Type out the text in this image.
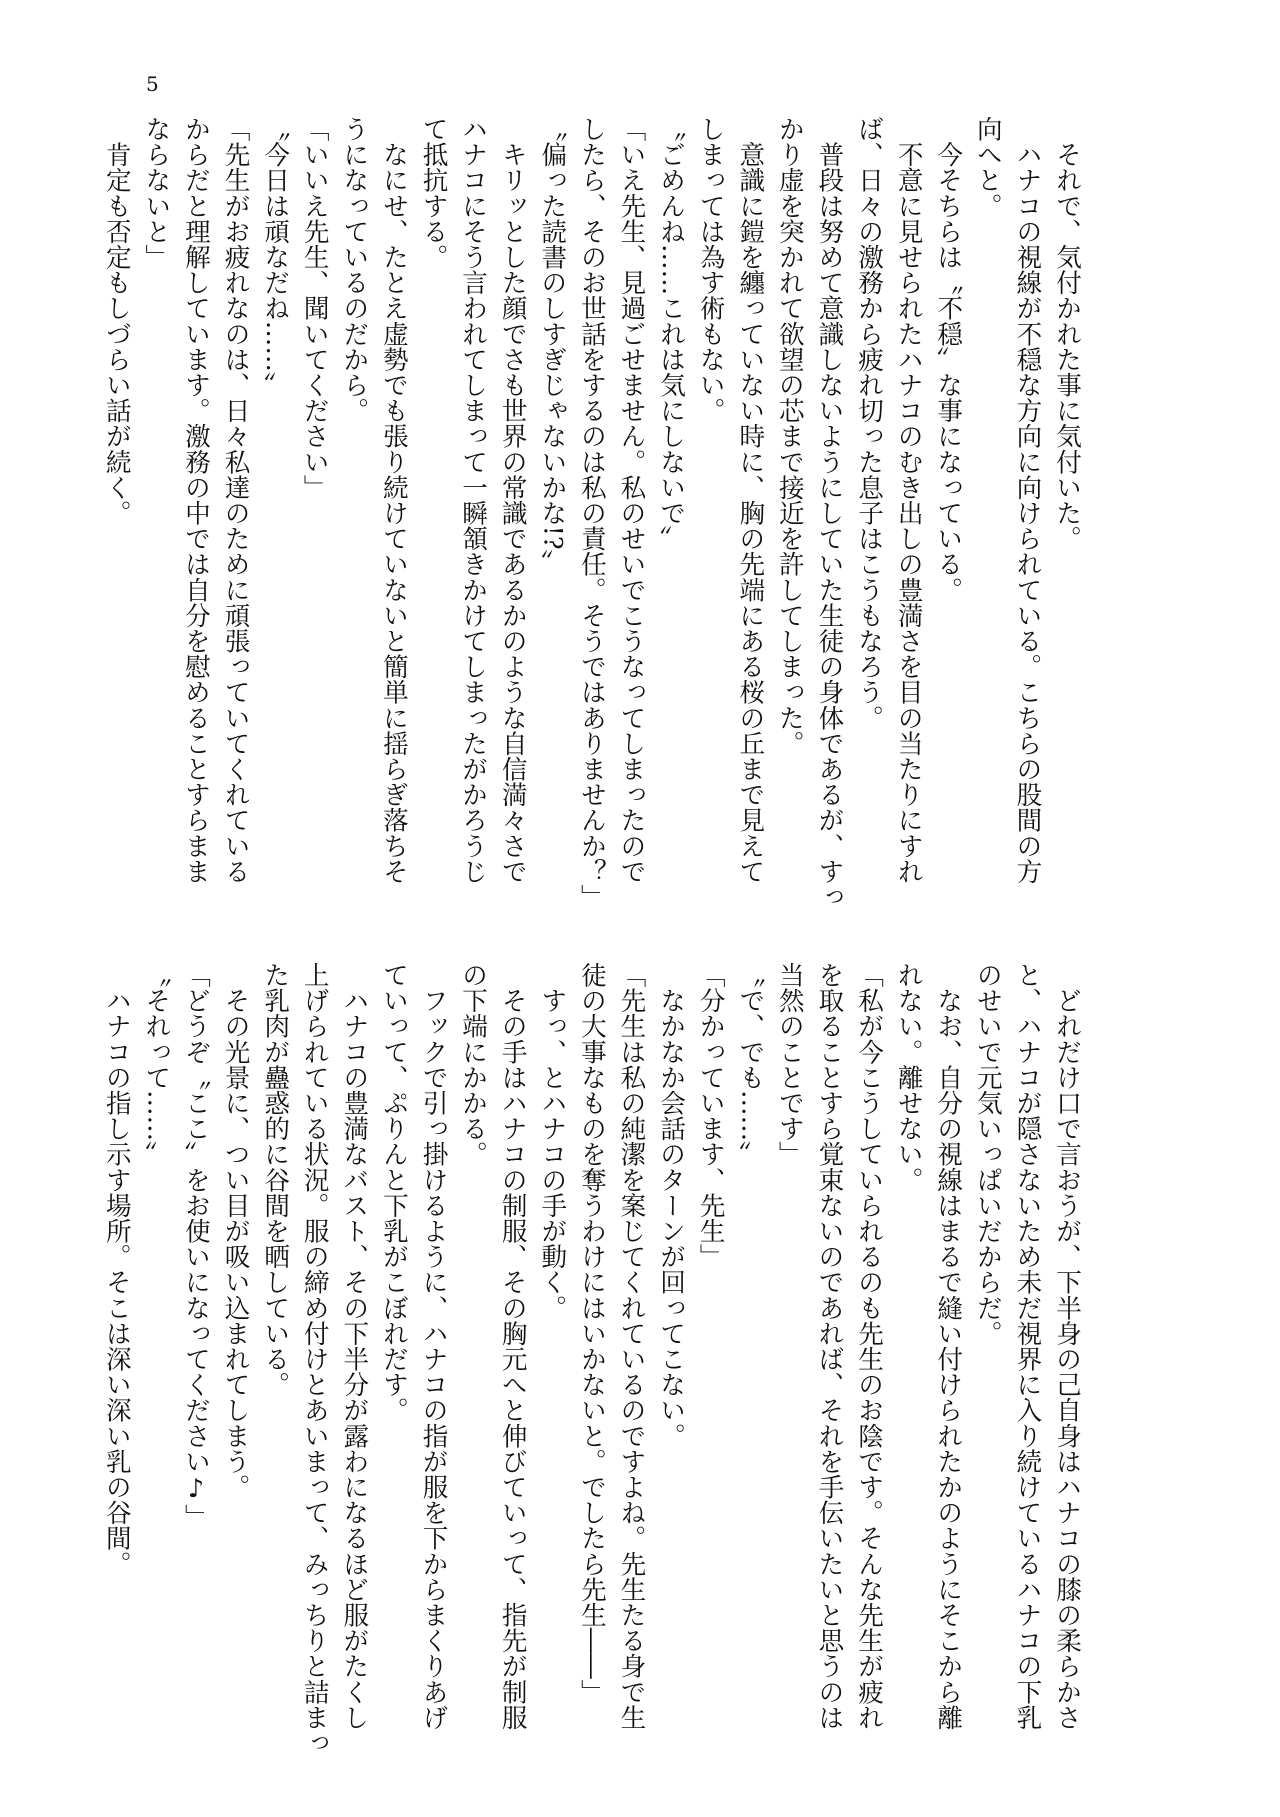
5
　それで、気付かれた事に気付いた。
　ハナコの視線が不穏な方向に向けられている。こちらの股間の方
向へと。
　今そちらは〝不穏〟な事になっている。
　不意に見せられたハナコのむき出しの豊満さを目の当たりにすれ
ば、日々の激務から疲れ切った息子はこうもなろう。
　普段は努めて意識しないようにしていた生徒の身体であるが、すっ
かり虚を突かれて欲望の芯まで接近を許してしまった。
　意識に鎧を纏っていない時に、胸の先端にある桜の丘まで見えて
しまっては為す術もない。
〝ごめんね……これは気にしないで〟
「いえ先生、見過ごせません。私のせいでこうなってしまったので
したら、そのお世話をするのは私の責任。そうではありませんか？」
〝偏った読書のしすぎじゃないかな!?〟
　キリッとした顔でさも世界の常識であるかのような自信満々さで
ハナコにそう言われてしまって一瞬頷きかけてしまったがかろうじ
て抵抗する。
　なにせ、たとえ虚勢でも張り続けていないと簡単に揺らぎ落ちそ
うになっているのだから。
「いいえ先生、聞いてください」
〝今日は頑なだね……〟
「先生がお疲れなのは、日々私達のために頑張っていてくれている
からだと理解しています。激務の中では自分を慰めることすらまま
ならないと」
　肯定も否定もしづらい話が続く。
　どれだけ口で言おうが、下半身の己自身はハナコの膝の柔らかさ
と、ハナコが隠さないため未だ視界に入り続けているハナコの下乳
のせいで元気いっぱいだからだ。
　なお、自分の視線はまるで縫い付けられたかのようにそこから離
れない。離せない。
「私が今こうしていられるのも先生のお陰です。そんな先生が疲れ
を取ることすら覚束ないのであれば、それを手伝いたいと思うのは
当然のことです」
〝で、でも……〟
「分かっています、先生」
　なかなか会話のターンが回ってこない。
「先生は私の純潔を案じてくれているのですよね。先生たる身で生
徒の大事なものを奪うわけにはいかないと。でしたら先生――」
　すっ、とハナコの手が動く。
　その手はハナコの制服、その胸元へと伸びていって、指先が制服
の下端にかかる。
　フックで引っ掛けるように、ハナコの指が服を下からまくりあげ
ていって、ぷりんと下乳がこぼれだす。
　ハナコの豊満なバスト、その下半分が露わになるほど服がたくし
上げられている状況。服の締め付けとあいまって、みっちりと詰まっ
た乳肉が蠱惑的に谷間を晒している。
　その光景に、つい目が吸い込まれてしまう。
「どうぞ〝ここ〟をお使いになってください♪」
〝それって……〟
　ハナコの指し示す場所。そこは深い深い乳の谷間。
